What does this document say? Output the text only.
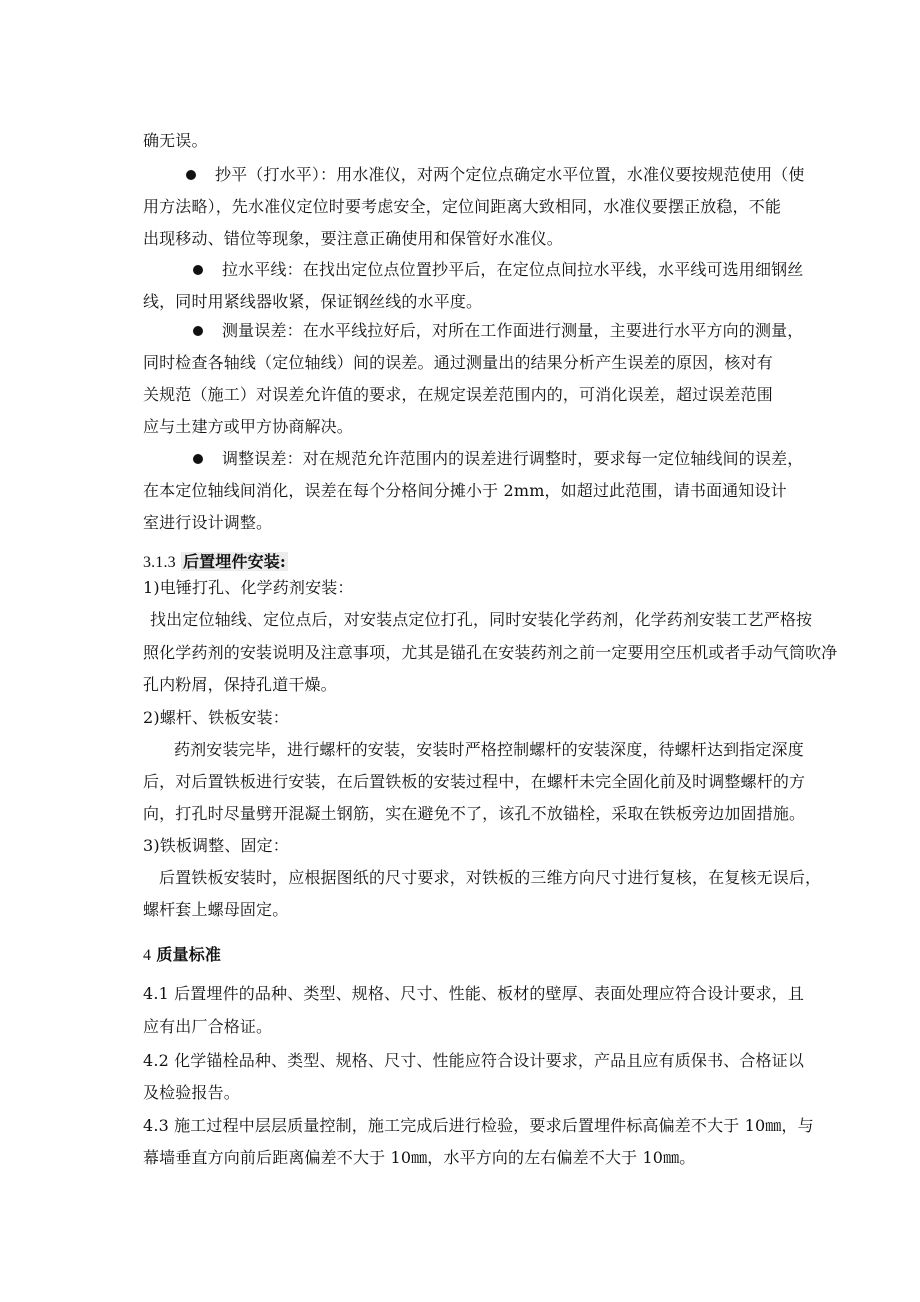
确无误。
抄平（打水平）：用水准仪，对两个定位点确定水平位置，水准仪要按规范使用（使
用方法略），先水准仪定位时要考虑安全，定位间距离大致相同，水准仪要摆正放稳，不能
出现移动、错位等现象，要注意正确使用和保管好水准仪。
拉水平线：在找出定位点位置抄平后，在定位点间拉水平线，水平线可选用细钢丝
线，同时用紧线器收紧，保证钢丝线的水平度。
测量误差：在水平线拉好后，对所在工作面进行测量，主要进行水平方向的测量，
同时检查各轴线（定位轴线）间的误差。通过测量出的结果分析产生误差的原因，核对有
关规范（施工）对误差允许值的要求，在规定误差范围内的，可消化误差，超过误差范围
应与土建方或甲方协商解决。
调整误差：对在规范允许范围内的误差进行调整时，要求每一定位轴线间的误差，
在本定位轴线间消化，误差在每个分格间分摊小于 2mm，如超过此范围，请书面通知设计
室进行设计调整。
3.1.3 后置埋件安装:
1)电锤打孔、化学药剂安装：
找出定位轴线、定位点后，对安装点定位打孔，同时安装化学药剂，化学药剂安装工艺严格按
照化学药剂的安装说明及注意事项，尤其是锚孔在安装药剂之前一定要用空压机或者手动气筒吹净
孔内粉屑，保持孔道干燥。
2)螺杆、铁板安装：
药剂安装完毕，进行螺杆的安装，安装时严格控制螺杆的安装深度，待螺杆达到指定深度
后，对后置铁板进行安装，在后置铁板的安装过程中，在螺杆未完全固化前及时调整螺杆的方
向，打孔时尽量劈开混凝土钢筋，实在避免不了，该孔不放锚栓，采取在铁板旁边加固措施。
3)铁板调整、固定：
后置铁板安装时，应根据图纸的尺寸要求，对铁板的三维方向尺寸进行复核，在复核无误后，
螺杆套上螺母固定。
4 质量标准
4.1 后置埋件的品种、类型、规格、尺寸、性能、板材的壁厚、表面处理应符合设计要求，且
应有出厂合格证。
4.2 化学锚栓品种、类型、规格、尺寸、性能应符合设计要求，产品且应有质保书、合格证以
及检验报告。
4.3 施工过程中层层质量控制，施工完成后进行检验，要求后置埋件标高偏差不大于 10㎜，与
幕墙垂直方向前后距离偏差不大于 10㎜，水平方向的左右偏差不大于 10㎜。
